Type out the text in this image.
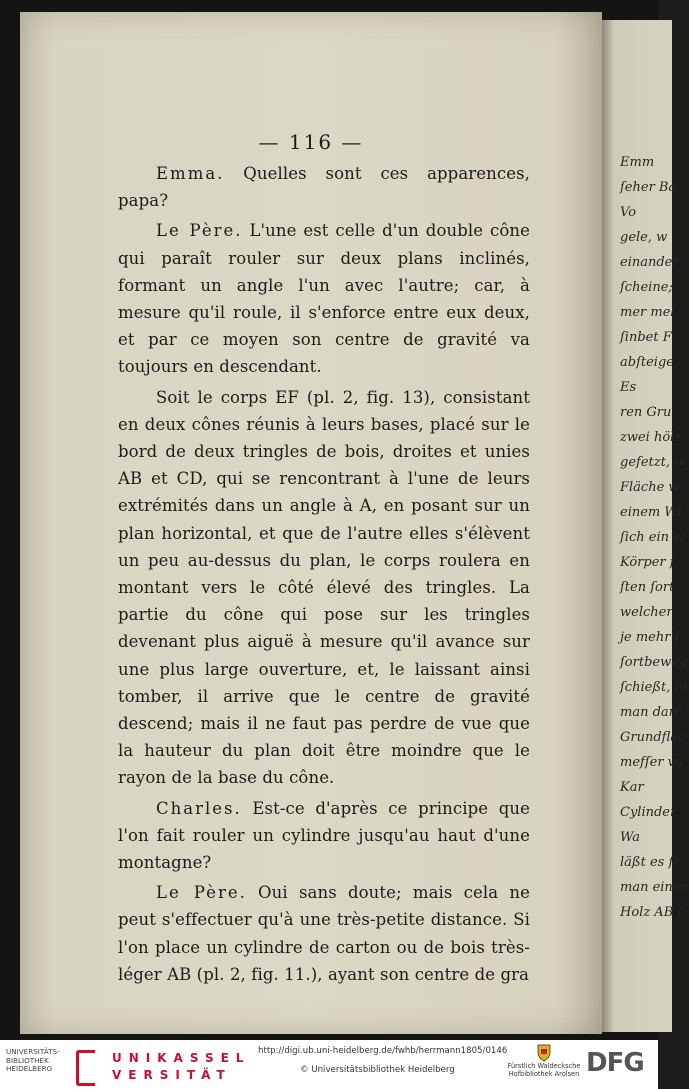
— 116 —
Emm
ſeher Ba
Vo
gele, w
einander
ſcheine;
mer mel
ſinbet F
abſteige
Es
ren Gru
zwei hölz
gefetzt, w
Fläche w
einem Wi
ſich ein w
Körper ſ
ſten ſort
welcher
je mehr ſ
ſortbeweg
ſchießt, ſo
man darſ
Grundfläc
mefſer vo
Kar
Cylinder
Wa
läßt es ſi
man einen
Holz AB (

Emma. Quelles sont ces apparences, papa?

Le Père. L'une est celle d'un double cône qui paraît rouler sur deux plans inclinés, formant un angle l'un avec l'autre; car, à mesure qu'il roule, il s'enforce entre eux deux, et par ce moyen son centre de gravité va toujours en descendant.

Soit le corps EF (pl. 2, fig. 13), consistant en deux cônes réunis à leurs bases, placé sur le bord de deux tringles de bois, droites et unies AB et CD, qui se rencontrant à l'une de leurs extrémités dans un angle à A, en posant sur un plan horizontal, et que de l'autre elles s'élèvent un peu au-dessus du plan, le corps roulera en montant vers le côté élevé des tringles. La partie du cône qui pose sur les tringles devenant plus aiguë à mesure qu'il avance sur une plus large ouverture, et, le laissant ainsi tomber, il arrive que le centre de gravité descend; mais il ne faut pas perdre de vue que la hauteur du plan doit être moindre que le rayon de la base du cône.

Charles. Est-ce d'après ce principe que l'on fait rouler un cylindre jusqu'au haut d'une montagne?

Le Père. Oui sans doute; mais cela ne peut s'effectuer qu'à une très-petite distance. Si l'on place un cylindre de carton ou de bois très-léger AB (pl. 2, fig. 11.), ayant son centre de gra

UNIVERSITÄTS-BIBLIOTHEK HEIDELBERG
UNIKASSEL
VERSITÄT
http://digi.ub.uni-heidelberg.de/fwhb/herrmann1805/0146
© Universitätsbibliothek Heidelberg	Fürstlich Waldecksche Hofbibliothek Arolsen DFG
